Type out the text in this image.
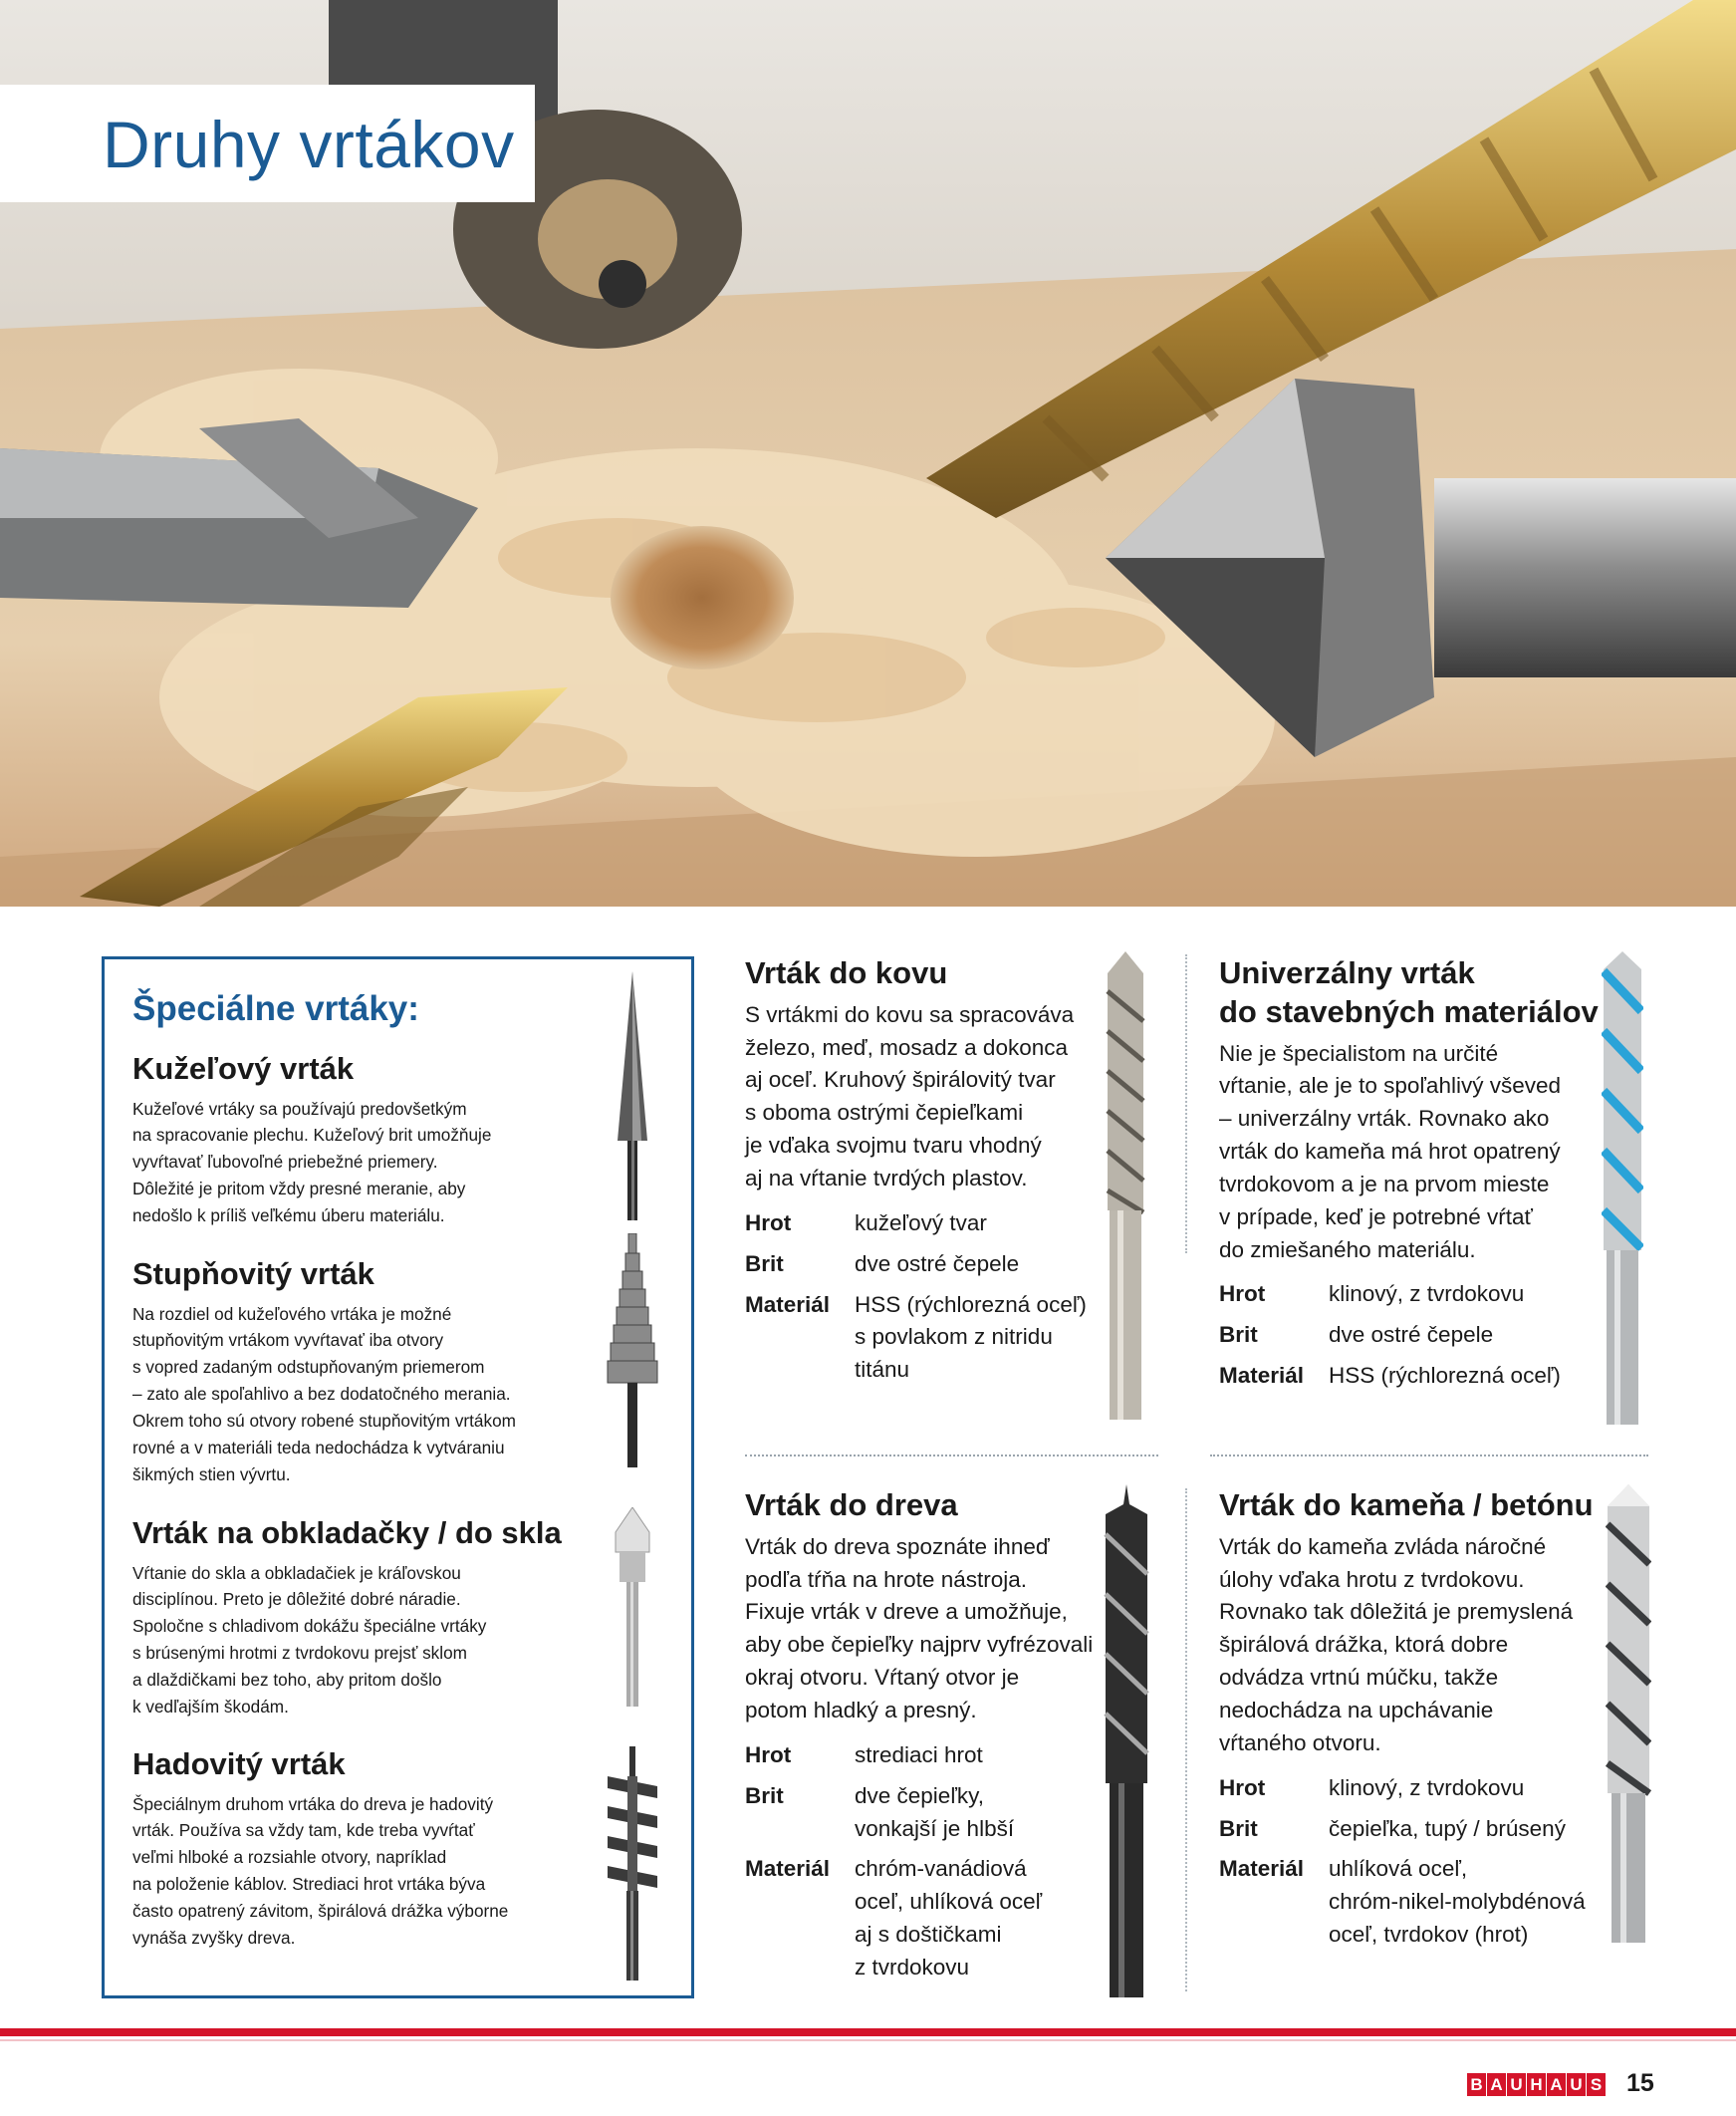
Druhy vrtákov
Špeciálne vrtáky:
Kužeľový vrták

Kužeľové vrtáky sa používajú predovšetkým
na spracovanie plechu. Kužeľový brit umožňuje
vyvŕtavať ľubovoľné priebežné priemery.
Dôležité je pritom vždy presné meranie, aby
nedošlo k príliš veľkému úberu materiálu.

Stupňovitý vrták

Na rozdiel od kužeľového vrtáka je možné
stupňovitým vrtákom vyvŕtavať iba otvory
s vopred zadaným odstupňovaným priemerom
– zato ale spoľahlivo a bez dodatočného merania.
Okrem toho sú otvory robené stupňovitým vrtákom
rovné a v materiáli teda nedochádza k vytváraniu
šikmých stien vývrtu.

Vrták na obkladačky / do skla

Vŕtanie do skla a obkladačiek je kráľovskou
disciplínou. Preto je dôležité dobré náradie.
Spoločne s chladivom dokážu špeciálne vrtáky
s brúsenými hrotmi z tvrdokovu prejsť sklom
a dlaždičkami bez toho, aby pritom došlo
k vedľajším škodám.

Hadovitý vrták

Špeciálnym druhom vrtáka do dreva je hadovitý
vrták. Používa sa vždy tam, kde treba vyvŕtať
veľmi hlboké a rozsiahle otvory, napríklad
na položenie káblov. Strediaci hrot vrtáka býva
často opatrený závitom, špirálová drážka výborne
vynáša zvyšky dreva.

Vrták do kovu

S vrtákmi do kovu sa spracováva
železo, meď, mosadz a dokonca
aj oceľ. Kruhový špirálovitý tvar
s oboma ostrými čepieľkami
je vďaka svojmu tvaru vhodný
aj na vŕtanie tvrdých plastov.

Hrot	kužeľový tvar
Brit	dve ostré čepele
Materiál	HSS (rýchlorezná oceľ)
s povlakom z nitridu
titánu
Univerzálny vrták
do stavebných materiálov

Nie je špecialistom na určité
vŕtanie, ale je to spoľahlivý vševed
– univerzálny vrták. Rovnako ako
vrták do kameňa má hrot opatrený
tvrdokovom a je na prvom mieste
v prípade, keď je potrebné vŕtať
do zmiešaného materiálu.

Hrot	klinový, z tvrdokovu
Brit	dve ostré čepele
Materiál	HSS (rýchlorezná oceľ)
Vrták do dreva

Vrták do dreva spoznáte ihneď
podľa tŕňa na hrote nástroja.
Fixuje vrták v dreve a umožňuje,
aby obe čepieľky najprv vyfrézovali
okraj otvoru. Vŕtaný otvor je
potom hladký a presný.

Hrot	strediaci hrot
Brit	dve čepieľky,
vonkajší je hlbší
Materiál	chróm-vanádiová
oceľ, uhlíková oceľ
aj s doštičkami
z tvrdokovu
Vrták do kameňa / betónu

Vrták do kameňa zvláda náročné
úlohy vďaka hrotu z tvrdokovu.
Rovnako tak dôležitá je premyslená
špirálová drážka, ktorá dobre
odvádza vrtnú múčku, takže
nedochádza na upchávanie
vŕtaného otvoru.

Hrot	klinový, z tvrdokovu
Brit	čepieľka, tupý / brúsený
Materiál	uhlíková oceľ,
chróm-nikel-molybdénová
oceľ, tvrdokov (hrot)
B A U H A U S 15
